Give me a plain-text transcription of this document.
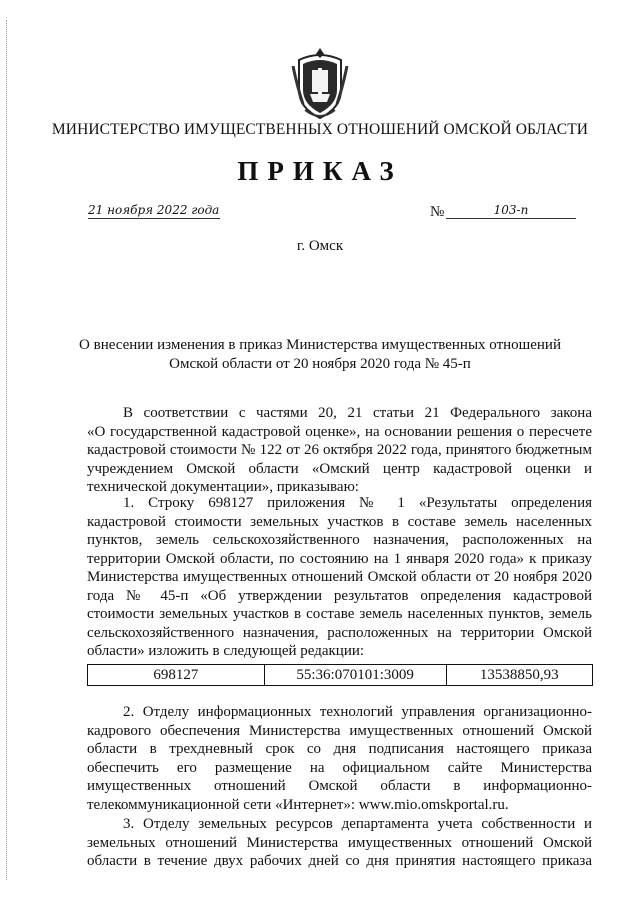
МИНИСТЕРСТВО ИМУЩЕСТВЕННЫХ ОТНОШЕНИЙ ОМСКОЙ ОБЛАСТИ
ПРИКАЗ
21 ноября 2022 года	№	103-п
г. Омск
О внесении изменения в приказ Министерства имущественных отношений
Омской области от 20 ноября 2020 года № 45-п
В соответствии с частями 20, 21 статьи 21 Федерального закона
«О государственной кадастровой оценке», на основании решения о пересчете
кадастровой стоимости № 122 от 26 октября 2022 года, принятого бюджетным
учреждением Омской области «Омский центр кадастровой оценки и
технической документации», приказываю:
1. Строку 698127 приложения № 1 «Результаты определения
кадастровой стоимости земельных участков в составе земель населенных
пунктов, земель сельскохозяйственного назначения, расположенных на
территории Омской области, по состоянию на 1 января 2020 года» к приказу
Министерства имущественных отношений Омской области от 20 ноября 2020
года № 45-п «Об утверждении результатов определения кадастровой
стоимости земельных участков в составе земель населенных пунктов, земель
сельскохозяйственного назначения, расположенных на территории Омской
области» изложить в следующей редакции:
698127	55:36:070101:3009	13538850,93
2. Отделу информационных технологий управления организационно-
кадрового обеспечения Министерства имущественных отношений Омской
области в трехдневный срок со дня подписания настоящего приказа
обеспечить его размещение на официальном сайте Министерства
имущественных отношений Омской области в информационно-
телекоммуникационной сети «Интернет»: www.mio.omskportal.ru.
3. Отделу земельных ресурсов департамента учета собственности и
земельных отношений Министерства имущественных отношений Омской
области в течение двух рабочих дней со дня принятия настоящего приказа
